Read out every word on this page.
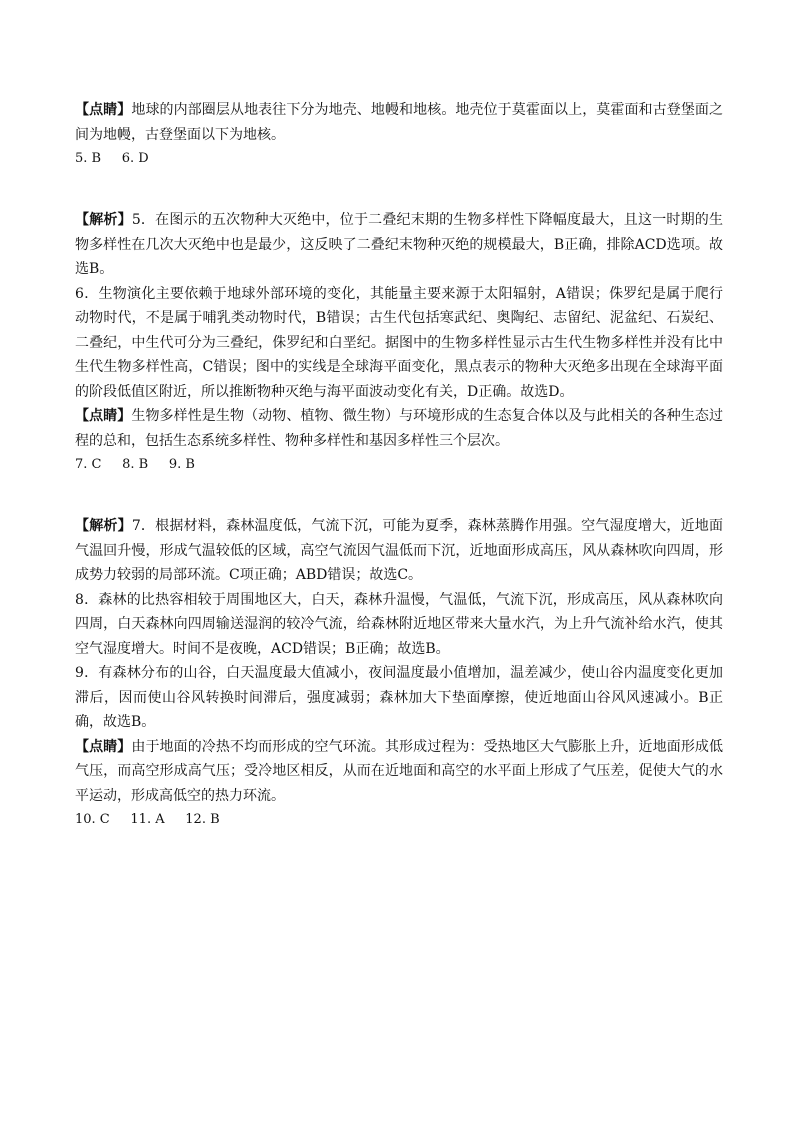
【点睛】地球的内部圈层从地表往下分为地壳、地幔和地核。地壳位于莫霍面以上，莫霍面和古登堡面之间为地幔，古登堡面以下为地核。

5. B     6. D

【解析】5．在图示的五次物种大灭绝中，位于二叠纪末期的生物多样性下降幅度最大，且这一时期的生物多样性在几次大灭绝中也是最少，这反映了二叠纪末物种灭绝的规模最大，B正确，排除ACD选项。故选B。

6．生物演化主要依赖于地球外部环境的变化，其能量主要来源于太阳辐射，A错误；侏罗纪是属于爬行动物时代，不是属于哺乳类动物时代，B错误；古生代包括寒武纪、奥陶纪、志留纪、泥盆纪、石炭纪、二叠纪，中生代可分为三叠纪，侏罗纪和白垩纪。据图中的生物多样性显示古生代生物多样性并没有比中生代生物多样性高，C错误；图中的实线是全球海平面变化，黑点表示的物种大灭绝多出现在全球海平面的阶段低值区附近，所以推断物种灭绝与海平面波动变化有关，D正确。故选D。

【点睛】生物多样性是生物（动物、植物、微生物）与环境形成的生态复合体以及与此相关的各种生态过程的总和，包括生态系统多样性、物种多样性和基因多样性三个层次。

7. C     8. B     9. B

【解析】7．根据材料，森林温度低，气流下沉，可能为夏季，森林蒸腾作用强。空气湿度增大，近地面气温回升慢，形成气温较低的区域，高空气流因气温低而下沉，近地面形成高压，风从森林吹向四周，形成势力较弱的局部环流。C项正确；ABD错误；故选C。

8．森林的比热容相较于周围地区大，白天，森林升温慢，气温低，气流下沉，形成高压，风从森林吹向四周，白天森林向四周输送湿润的较冷气流，给森林附近地区带来大量水汽，为上升气流补给水汽，使其空气湿度增大。时间不是夜晚，ACD错误；B正确；故选B。

9．有森林分布的山谷，白天温度最大值减小，夜间温度最小值增加，温差减少，使山谷内温度变化更加滞后，因而使山谷风转换时间滞后，强度减弱；森林加大下垫面摩擦，使近地面山谷风风速减小。B正确，故选B。

【点睛】由于地面的冷热不均而形成的空气环流。其形成过程为：受热地区大气膨胀上升，近地面形成低气压，而高空形成高气压；受冷地区相反，从而在近地面和高空的水平面上形成了气压差，促使大气的水平运动，形成高低空的热力环流。

10. C     11. A     12. B
